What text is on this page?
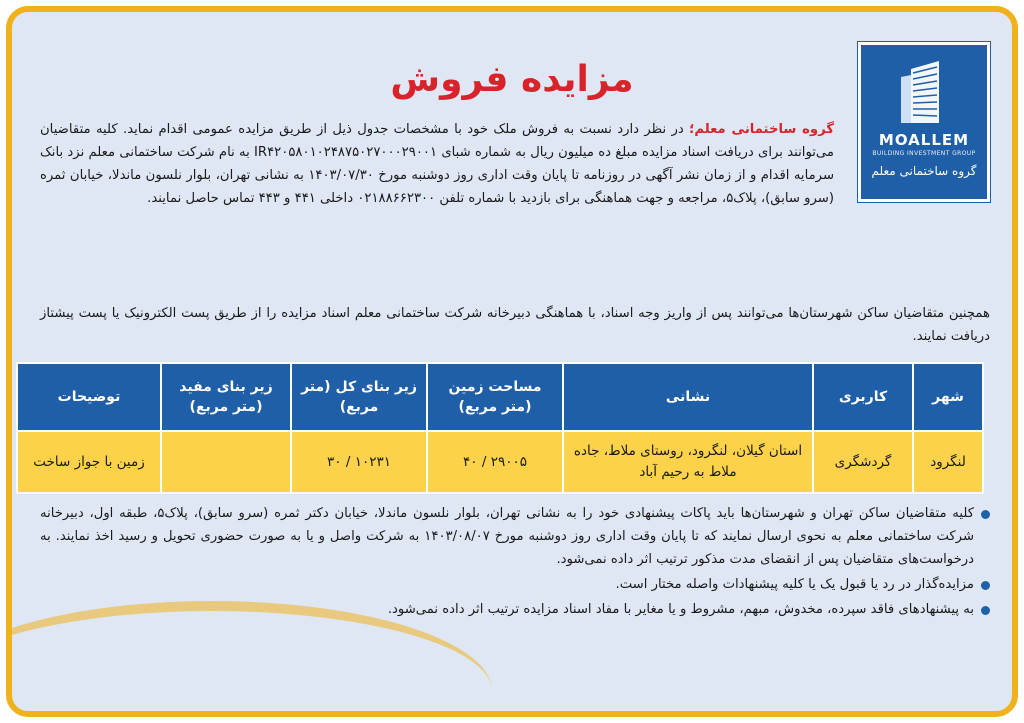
MOALLEM
BUILDING INVESTMENT GROUP
گروه ساختمانی معلم
مزایده فروش
گروه ساختمانی معلم؛ در نظر دارد نسبت به فروش ملک خود با مشخصات جدول ذیل از طریق مزایده عمومی اقدام نماید. کلیه متقاضیان می‌توانند برای دریافت اسناد مزایده مبلغ ده میلیون ریال به شماره شبای IR۴۲۰۵۸۰۱۰۲۴۸۷۵۰۲۷۰۰۰۲۹۰۰۱ به نام شرکت ساختمانی معلم نزد بانک سرمایه اقدام و از زمان نشر آگهی در روزنامه تا پایان وقت اداری روز دوشنبه مورخ ۱۴۰۳/۰۷/۳۰ به نشانی تهران، بلوار نلسون ماندلا، خیابان ثمره (سرو سابق)، پلاک۵، مراجعه و جهت هماهنگی برای بازدید با شماره تلفن ۰۲۱۸۸۶۶۲۳۰۰ داخلی ۴۴۱ و ۴۴۳ تماس حاصل نمایند.
همچنین متقاضیان ساکن شهرستان‌ها می‌توانند پس از واریز وجه اسناد، با هماهنگی دبیرخانه شرکت ساختمانی معلم اسناد مزایده را از طریق پست الکترونیک یا پست پیشتاز دریافت نمایند.
شهر	کاربری	نشانی	مساحت زمین (متر مربع)	زیر بنای کل (متر مربع)	زیر بنای مفید (متر مربع)	توضیحات
لنگرود	گردشگری	استان گیلان، لنگرود، روستای ملاط، جاده ملاط به رحیم آباد	۲۹۰۰۵ / ۴۰	۱۰۲۳۱ / ۳۰		زمین با جواز ساخت
کلیه متقاضیان ساکن تهران و شهرستان‌ها باید پاکات پیشنهادی خود را به نشانی تهران، بلوار نلسون ماندلا، خیابان دکتر ثمره (سرو سابق)، پلاک۵، طبقه اول، دبیرخانه شرکت ساختمانی معلم به نحوی ارسال نمایند که تا پایان وقت اداری روز دوشنبه مورخ ۱۴۰۳/۰۸/۰۷ به شرکت واصل و یا به صورت حضوری تحویل و رسید اخذ نمایند. به درخواست‌های متقاضیان پس از انقضای مدت مذکور ترتیب اثر داده نمی‌شود.
مزایده‌گذار در رد یا قبول یک یا کلیه پیشنهادات واصله مختار است.
به پیشنهادهای فاقد سپرده، مخدوش، مبهم، مشروط و یا مغایر با مفاد اسناد مزایده ترتیب اثر داده نمی‌شود.
